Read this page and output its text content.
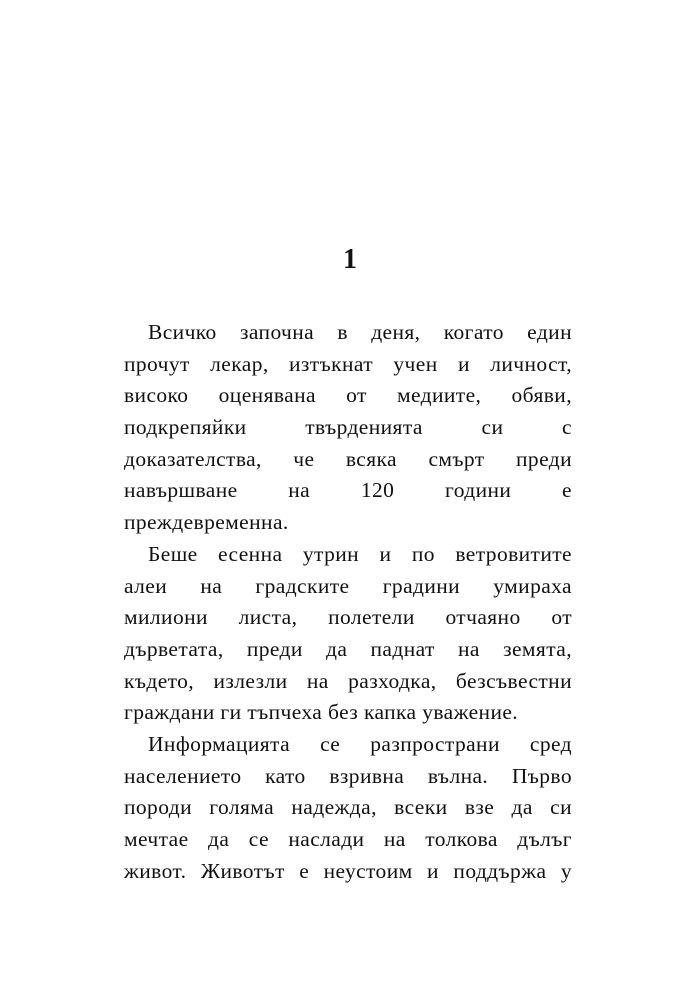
1
Всичко започна в деня, когато един
прочут лекар, изтъкнат учен и личност,
високо оценявана от медиите, обяви,
подкрепяйки твърденията си с
доказателства, че всяка смърт преди
навършване на 120 години е
преждевременна.
Беше есенна утрин и по ветровитите
алеи на градските градини умираха
милиони листа, полетели отчаяно от
дърветата, преди да паднат на земята,
където, излезли на разходка, безсъвестни
граждани ги тъпчеха без капка уважение.
Информацията се разпространи сред
населението като взривна вълна. Първо
породи голяма надежда, всеки взе да си
мечтае да се наслади на толкова дълъг
живот. Животът е неустоим и поддържа у
